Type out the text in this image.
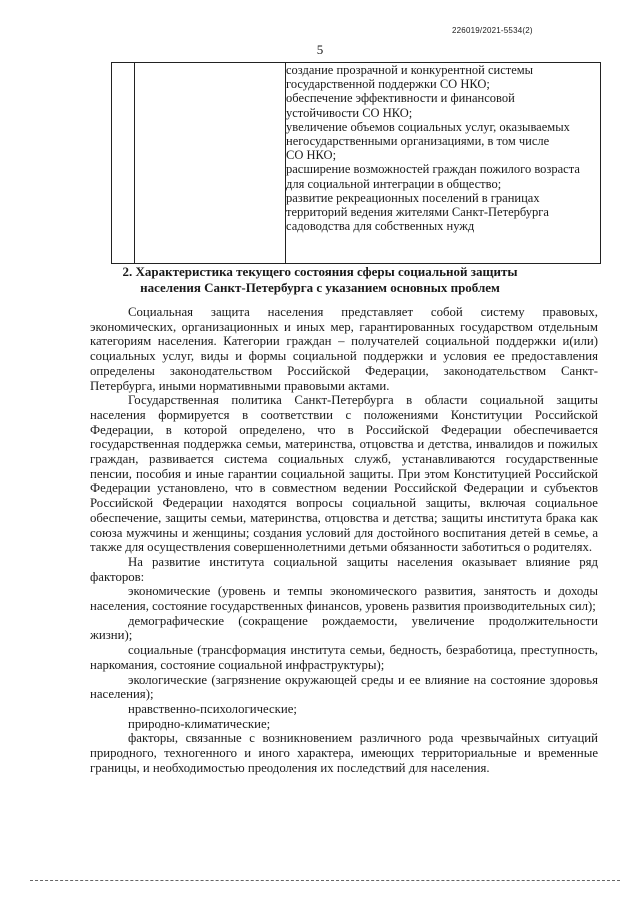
226019/2021-5534(2)
5

создание прозрачной и конкурентной системы
государственной поддержки СО НКО;
обеспечение эффективности и финансовой
устойчивости СО НКО;
увеличение объемов социальных услуг, оказываемых
негосударственными организациями, в том числе
СО НКО;
расширение возможностей граждан пожилого возраста
для социальной интеграции в общество;
развитие рекреационных поселений в границах
территорий ведения жителями Санкт-Петербурга
садоводства для собственных нужд
2. Характеристика текущего состояния сферы социальной защиты
населения Санкт-Петербурга с указанием основных проблем

Социальная защита населения представляет собой систему правовых, экономических, организационных и иных мер, гарантированных государством отдельным категориям населения. Категории граждан – получателей социальной поддержки и(или) социальных услуг, виды и формы социальной поддержки и условия ее предоставления определены законодательством Российской Федерации, законодательством Санкт-Петербурга, иными нормативными правовыми актами.

Государственная политика Санкт-Петербурга в области социальной защиты населения формируется в соответствии с положениями Конституции Российской Федерации, в которой определено, что в Российской Федерации обеспечивается государственная поддержка семьи, материнства, отцовства и детства, инвалидов и пожилых граждан, развивается система социальных служб, устанавливаются государственные пенсии, пособия и иные гарантии социальной защиты. При этом Конституцией Российской Федерации установлено, что в совместном ведении Российской Федерации и субъектов Российской Федерации находятся вопросы социальной защиты, включая социальное обеспечение, защиты семьи, материнства, отцовства и детства; защиты института брака как союза мужчины и женщины; создания условий для достойного воспитания детей в семье, а также для осуществления совершеннолетними детьми обязанности заботиться о родителях.

На развитие института социальной защиты населения оказывает влияние ряд факторов:

экономические (уровень и темпы экономического развития, занятость и доходы населения, состояние государственных финансов, уровень развития производительных сил);

демографические (сокращение рождаемости, увеличение продолжительности жизни);

социальные (трансформация института семьи, бедность, безработица, преступность, наркомания, состояние социальной инфраструктуры);

экологические (загрязнение окружающей среды и ее влияние на состояние здоровья населения);

нравственно-психологические;

природно-климатические;

факторы, связанные с возникновением различного рода чрезвычайных ситуаций природного, техногенного и иного характера, имеющих территориальные и временные границы, и необходимостью преодоления их последствий для населения.
